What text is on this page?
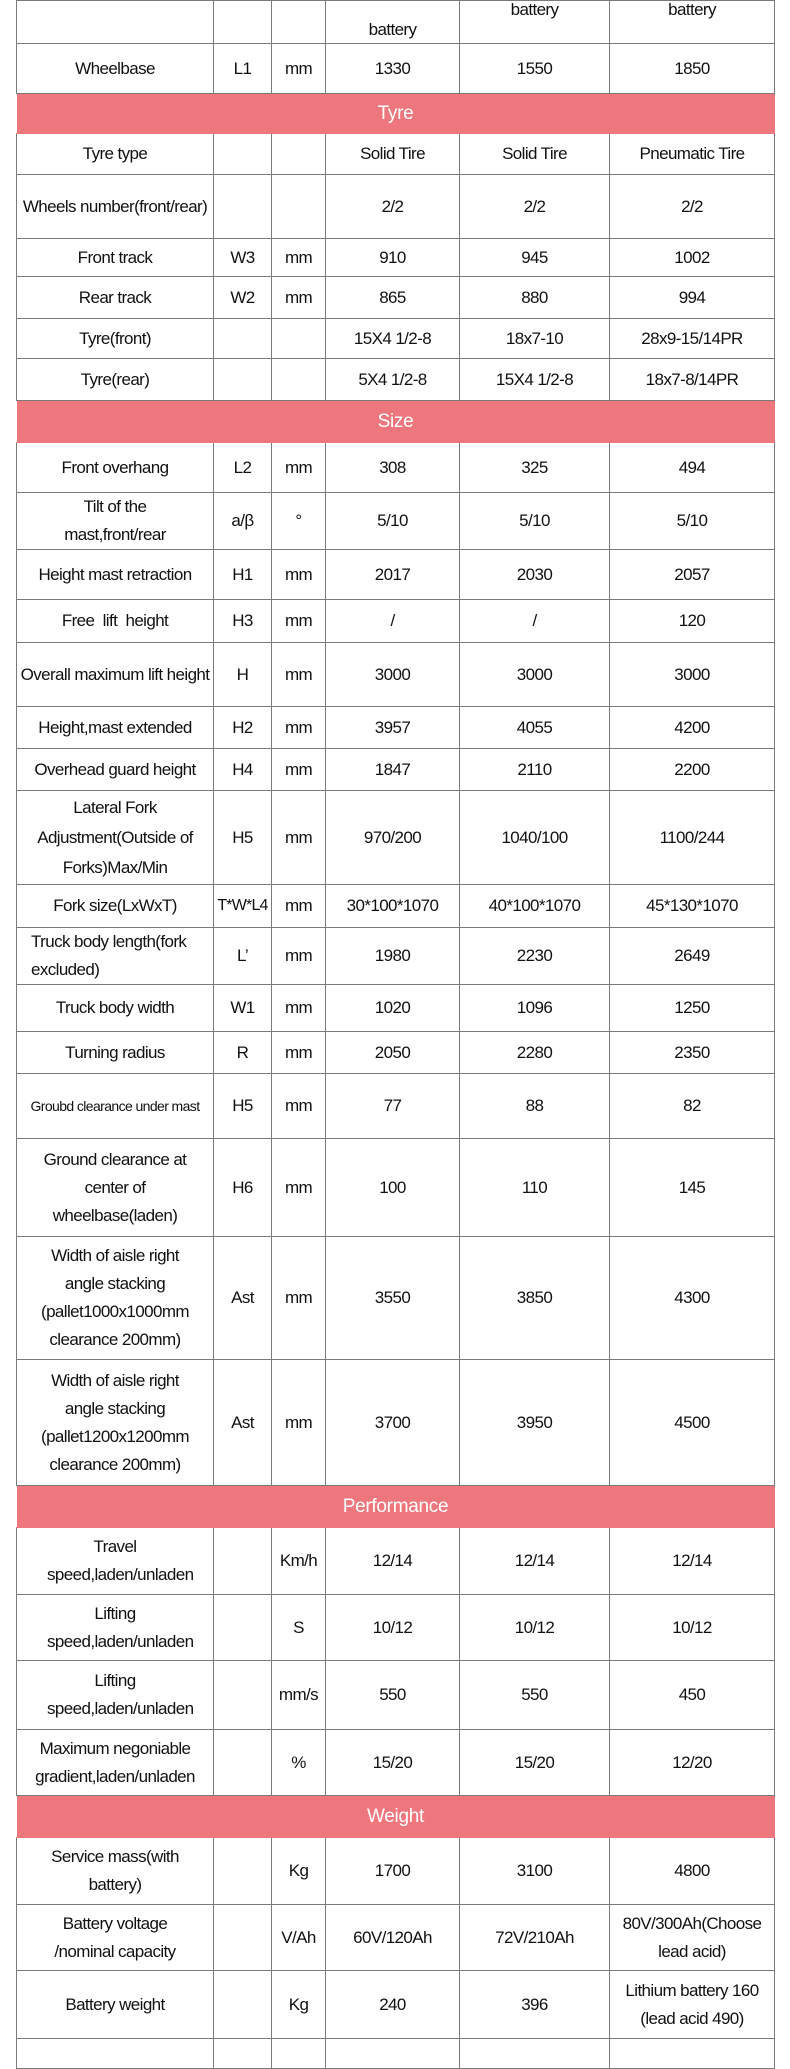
			battery	battery	battery
Wheelbase	L1	mm	1330	1550	1850
Tyre					
Tyre type			Solid Tire	Solid Tire	Pneumatic Tire
Wheels number(front/rear)			2/2	2/2	2/2
Front track	W3	mm	910	945	1002
Rear track	W2	mm	865	880	994
Tyre(front)			15X4 1/2-8	18x7-10	28x9-15/14PR
Tyre(rear)			5X4 1/2-8	15X4 1/2-8	18x7-8/14PR
Size					
Front overhang	L2	mm	308	325	494
Tilt of the mast,front/rear	a/β	°	5/10	5/10	5/10
Height mast retraction	H1	mm	2017	2030	2057
Free  lift  height	H3	mm	/	/	120
Overall maximum lift height	H	mm	3000	3000	3000
Height,mast extended	H2	mm	3957	4055	4200
Overhead guard height	H4	mm	1847	2110	2200
Lateral Fork Adjustment(Outside of Forks)Max/Min	H5	mm	970/200	1040/100	1100/244
Fork size(LxWxT)	T*W*L4	mm	30*100*1070	40*100*1070	45*130*1070
Truck body length(fork excluded)	L’	mm	1980	2230	2649
Truck body width	W1	mm	1020	1096	1250
Turning radius	R	mm	2050	2280	2350
Groubd clearance under mast	H5	mm	77	88	82
Ground clearance at center of wheelbase(laden)	H6	mm	100	110	145
Width of aisle right angle stacking (pallet1000x1000mm clearance 200mm)	Ast	mm	3550	3850	4300
Width of aisle right angle stacking (pallet1200x1200mm clearance 200mm)	Ast	mm	3700	3950	4500
Performance					
Travel speed,laden/unladen		Km/h	12/14	12/14	12/14
Lifting speed,laden/unladen		S	10/12	10/12	10/12
Lifting speed,laden/unladen		mm/s	550	550	450
Maximum negoniable gradient,laden/unladen		%	15/20	15/20	12/20
Weight					
Service mass(with battery)		Kg	1700	3100	4800
Battery voltage /nominal capacity		V/Ah	60V/120Ah	72V/210Ah	80V/300Ah(Choose lead acid)
Battery weight		Kg	240	396	Lithium battery 160 (lead acid 490)
